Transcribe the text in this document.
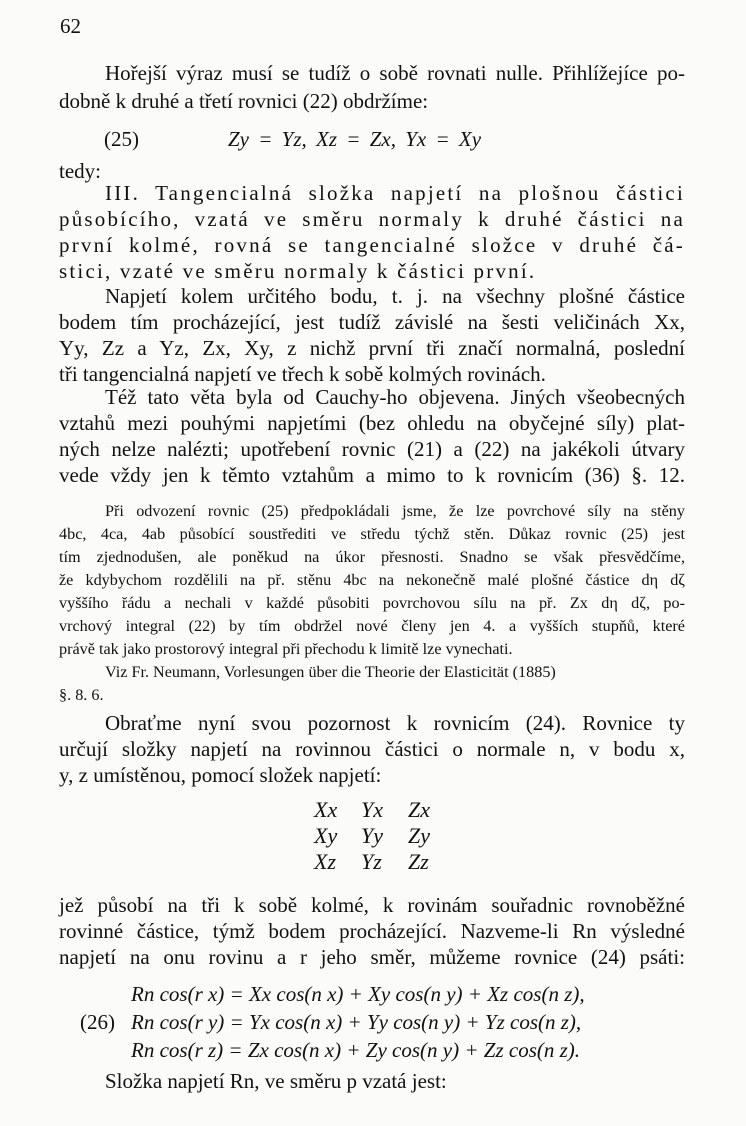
62
Hořejší výraz musí se tudíž o sobě rovnati nulle. Přihlížejíce po-
dobně k druhé a třetí rovnici (22) obdržíme:
(25)	Zy = Yz, Xz = Zx, Yx = Xy
tedy:
III. Tangencialná složka napjetí na plošnou částici
působícího, vzatá ve směru normaly k druhé částici na
první kolmé, rovná se tangencialné složce v druhé čá-
stici, vzaté ve směru normaly k částici první.
Napjetí kolem určitého bodu, t. j. na všechny plošné částice
bodem tím procházející, jest tudíž závislé na šesti veličinách Xx,
Yy, Zz a Yz, Zx, Xy, z nichž první tři značí normalná, poslední
tři tangencialná napjetí ve třech k sobě kolmých rovinách.
Též tato věta byla od Cauchy-ho objevena. Jiných všeobecných
vztahů mezi pouhými napjetími (bez ohledu na obyčejné síly) plat-
ných nelze nalézti; upotřebení rovnic (21) a (22) na jakékoli útvary
vede vždy jen k těmto vztahům a mimo to k rovnicím (36) §. 12.
Při odvození rovnic (25) předpokládali jsme, že lze povrchové síly na stěny
4bc, 4ca, 4ab působící soustřediti ve středu týchž stěn. Důkaz rovnic (25) jest
tím zjednodušen, ale poněkud na úkor přesnosti. Snadno se však přesvědčíme,
že kdybychom rozdělili na př. stěnu 4bc na nekonečně malé plošné částice dη dζ
vyššího řádu a nechali v každé působiti povrchovou sílu na př. Zx dη dζ, po-
vrchový integral (22) by tím obdržel nové členy jen 4. a vyšších stupňů, které
právě tak jako prostorový integral při přechodu k limitě lze vynechati.
Viz Fr. Neumann, Vorlesungen über die Theorie der Elasticität (1885)
§. 8. 6.
Obraťme nyní svou pozornost k rovnicím (24). Rovnice ty
určují složky napjetí na rovinnou částici o normale n, v bodu x,
y, z umístěnou, pomocí složek napjetí:
Xx Yx Zx
Xy Yy Zy
Xz Yz Zz
jež působí na tři k sobě kolmé, k rovinám souřadnic rovnoběžné
rovinné částice, týmž bodem procházející. Nazveme-li Rn výsledné
napjetí na onu rovinu a r jeho směr, můžeme rovnice (24) psáti:
Rn cos(r x) = Xx cos(n x) + Xy cos(n y) + Xz cos(n z),
(26) Rn cos(r y) = Yx cos(n x) + Yy cos(n y) + Yz cos(n z),
Rn cos(r z) = Zx cos(n x) + Zy cos(n y) + Zz cos(n z).
Složka napjetí Rn, ve směru p vzatá jest:
